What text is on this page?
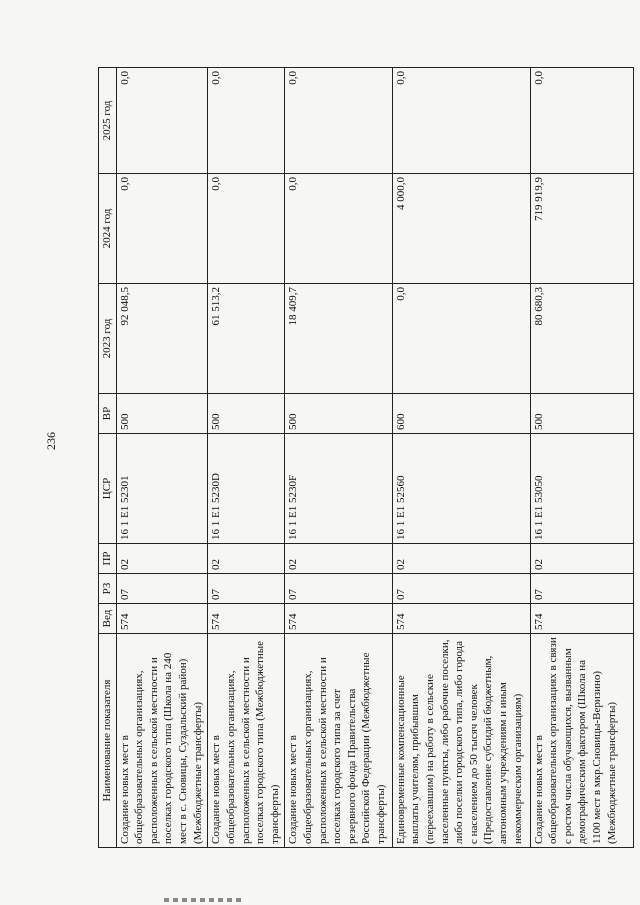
236
Наименование показателя	Вед	РЗ	ПР	ЦСР	ВР	2023 год	2024 год	2025 год
Создание новых мест в общеобразовательных организациях, расположенных в сельской местности и поселках городского типа (Школа на 240 мест в с. Сновицы, Суздальский район) (Межбюджетные трансферты)	574	07	02	16 1 E1 52301	500	92 048,5	0,0	0,0
Создание новых мест в общеобразовательных организациях, расположенных в сельской местности и поселках городского типа (Межбюджетные трансферты)	574	07	02	16 1 E1 5230D	500	61 513,2	0,0	0,0
Создание новых мест в общеобразовательных организациях, расположенных в сельской местности и поселках городского типа за счет резервного фонда Правительства Российской Федерации (Межбюджетные трансферты)	574	07	02	16 1 E1 5230F	500	18 409,7	0,0	0,0
Единовременные компенсационные выплаты учителям, прибывшим (переехавшим) на работу в сельские населенные пункты, либо рабочие поселки, либо поселки городского типа, либо города с населением до 50 тысяч человек (Предоставление субсидий бюджетным, автономным учреждениям и иным некоммерческим организациям)	574	07	02	16 1 E1 52560	600	0,0	4 000,0	0,0
Создание новых мест в общеобразовательных организациях в связи с ростом числа обучающихся, вызванным демографическим фактором (Школа на 1100 мест в мкр.Сновицы-Веризино) (Межбюджетные трансферты)	574	07	02	16 1 E1 53050	500	80 680,3	719 919,9	0,0
